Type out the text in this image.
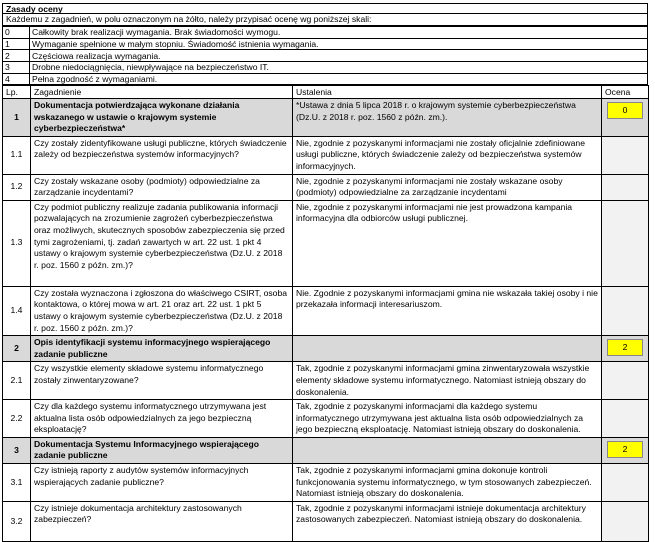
Zasady oceny
Każdemu z zagadnień, w polu oznaczonym na żółto, należy przypisać ocenę wg poniższej skali:
0	Całkowity brak realizacji wymagania. Brak świadomości wymogu.
1	Wymaganie spełnione w małym stopniu. Świadomość istnienia wymagania.
2	Częściowa realizacja wymagania.
3	Drobne niedociągnięcia, niewpływające na bezpieczeństwo IT.
4	Pełna zgodność z wymaganiami.
Lp.	Zagadnienie	Ustalenia	Ocena
1	Dokumentacja potwierdzająca wykonane działania wskazanego w ustawie o krajowym systemie cyberbezpieczeństwa*	*Ustawa z dnia 5 lipca 2018 r. o krajowym systemie cyberbezpieczeństwa (Dz.U. z 2018 r. poz. 1560 z późn. zm.).	0

1.1	Czy zostały zidentyfikowane usługi publiczne, których świadczenie zależy od bezpieczeństwa systemów informacyjnych?	Nie, zgodnie z pozyskanymi informacjami nie zostały oficjalnie zdefiniowane usługi publiczne, których świadczenie zależy od bezpieczeństwa systemów informacyjnych.	
1.2	Czy zostały wskazane osoby (podmioty) odpowiedzialne za zarządzanie incydentami?	Nie, zgodnie z pozyskanymi informacjami nie zostały wskazane osoby (podmioty) odpowiedzialne za zarządzanie incydentami	
1.3	Czy podmiot publiczny realizuje zadania publikowania informacji pozwalających na zrozumienie zagrożeń cyberbezpieczeństwa oraz możliwych, skutecznych sposobów zabezpieczenia się przed tymi zagrożeniami, tj. zadań zawartych w art. 22 ust. 1 pkt 4 ustawy o krajowym systemie cyberbezpieczeństwa (Dz.U. z 2018 r. poz. 1560 z późn. zm.)?	Nie, zgodnie z pozyskanymi informacjami nie jest prowadzona kampania informacyjna dla odbiorców usługi publicznej.	
1.4	Czy została wyznaczona i zgłoszona do właściwego CSIRT, osoba kontaktowa, o której mowa w art. 21 oraz art. 22 ust. 1 pkt 5 ustawy o krajowym systemie cyberbezpieczeństwa (Dz.U. z 2018 r. poz. 1560 z późn. zm.)?	Nie. Zgodnie z pozyskanymi informacjami gmina nie wskazała takiej osoby i nie przekazała informacji interesariuszom.	
2	Opis identyfikacji systemu informacyjnego wspierającego zadanie publiczne		2

2.1	Czy wszystkie elementy składowe systemu informatycznego zostały zinwentaryzowane?	Tak, zgodnie z pozyskanymi informacjami gmina zinwentaryzowała wszystkie elementy składowe systemu informatycznego. Natomiast istnieją obszary do doskonalenia.	
2.2	Czy dla każdego systemu informatycznego utrzymywana jest aktualna lista osób odpowiedzialnych za jego bezpieczną eksploatację?	Tak, zgodnie z pozyskanymi informacjami dla każdego systemu informatycznego utrzymywana jest aktualna lista osób odpowiedzialnych za jego bezpieczną eksploatację. Natomiast istnieją obszary do doskonalenia.	
3	Dokumentacja Systemu Informacyjnego wspierającego zadanie publiczne		2

3.1	Czy istnieją raporty z audytów systemów informacyjnych wspierających zadanie publiczne?	Tak, zgodnie z pozyskanymi informacjami gmina dokonuje kontroli funkcjonowania systemu informatycznego, w tym stosowanych zabezpieczeń. Natomiast istnieją obszary do doskonalenia.	
3.2	Czy istnieje dokumentacja architektury zastosowanych zabezpieczeń?	Tak, zgodnie z pozyskanymi informacjami istnieje dokumentacja architektury zastosowanych zabezpieczeń. Natomiast istnieją obszary do doskonalenia.	
